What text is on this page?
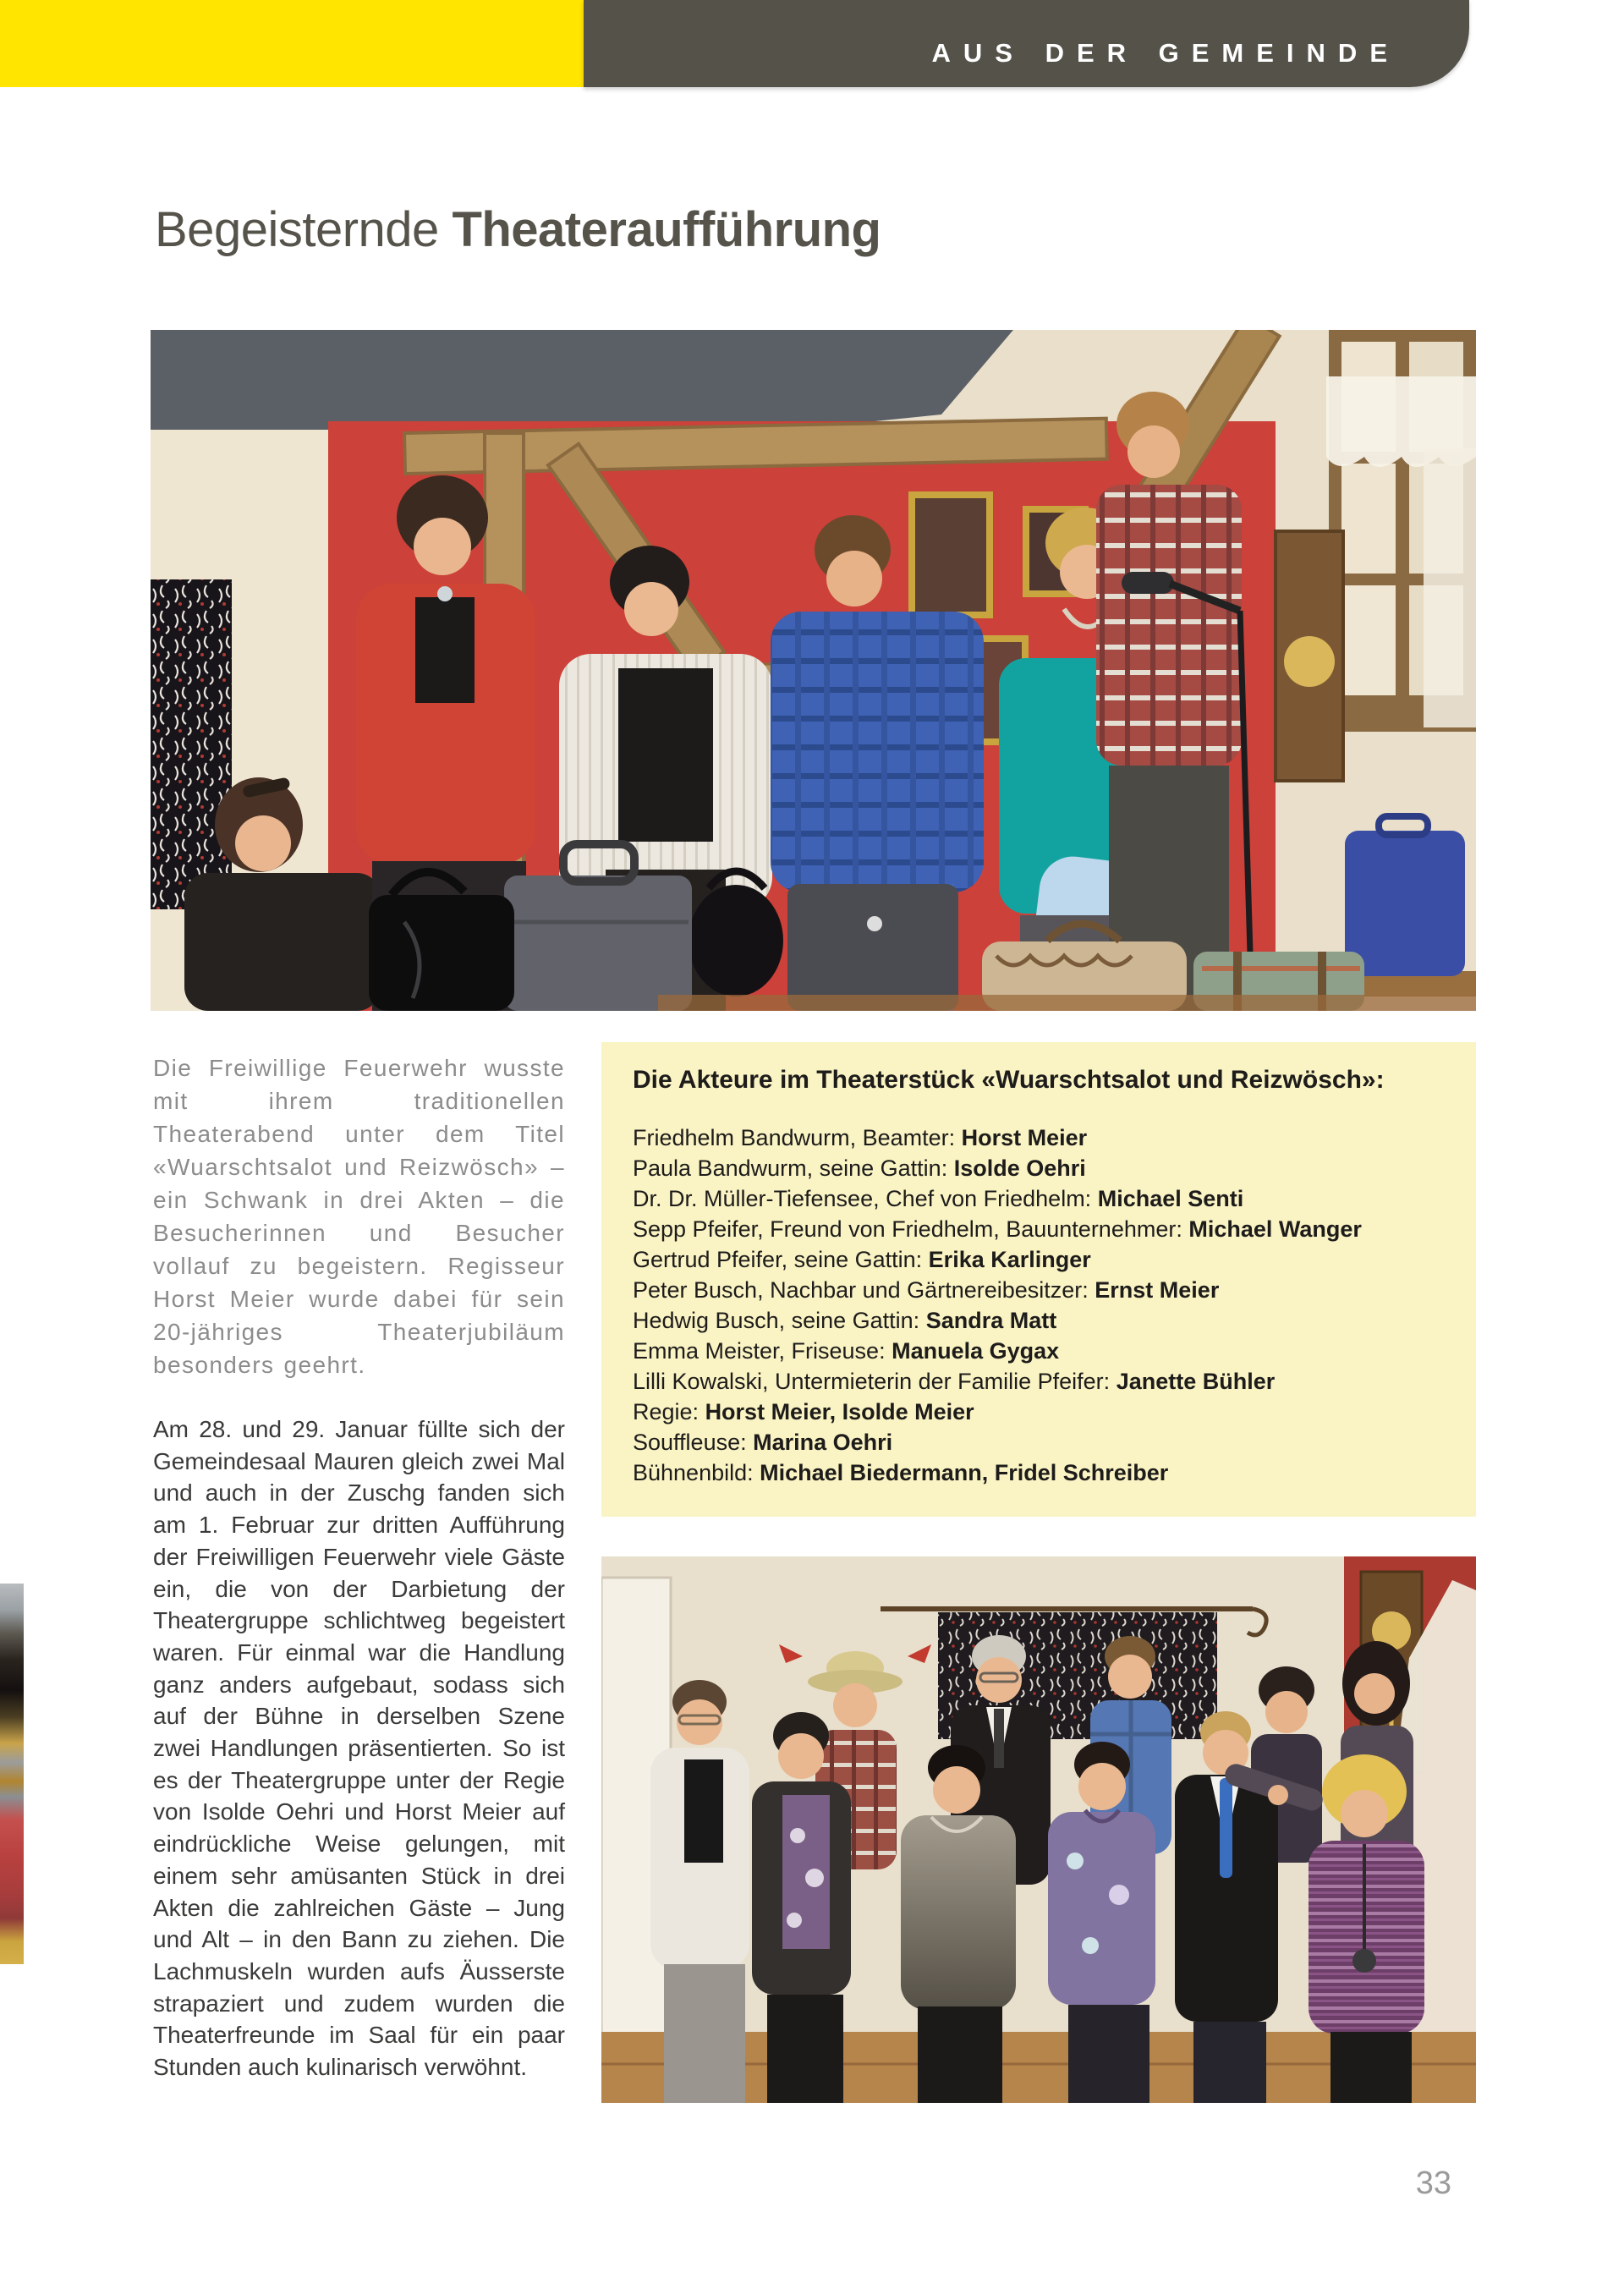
AUS DER GEMEINDE
Begeisternde Theateraufführung

Die Freiwillige Feuerwehr wusste mit ihrem traditionellen Theaterabend unter dem Titel «Wuarschtsalot und Reizwösch» – ein Schwank in drei Akten – die Besucherinnen und Besucher vollauf zu begeistern. Regisseur Horst Meier wurde dabei für sein 20-jähriges Theaterjubiläum besonders geehrt.

Am 28. und 29. Januar füllte sich der Gemeindesaal Mauren gleich zwei Mal und auch in der Zuschg fanden sich am 1. Februar zur dritten Aufführung der Freiwilligen Feuerwehr viele Gäste ein, die von der Darbietung der Theatergruppe schlichtweg begeistert waren. Für einmal war die Handlung ganz anders aufgebaut, sodass sich auf der Bühne in derselben Szene zwei Handlungen präsentierten. So ist es der Theatergruppe unter der Regie von Isolde Oehri und Horst Meier auf eindrückliche Weise gelungen, mit einem sehr amüsanten Stück in drei Akten die zahlreichen Gäste – Jung und Alt – in den Bann zu ziehen. Die Lachmuskeln wurden aufs Äusserste strapaziert und zudem wurden die Theaterfreunde im Saal für ein paar Stunden auch kulinarisch verwöhnt.

Die Akteure im Theaterstück «Wuarschtsalot und Reizwösch»:
Friedhelm Bandwurm, Beamter: Horst Meier
Paula Bandwurm, seine Gattin: Isolde Oehri
Dr. Dr. Müller-Tiefensee, Chef von Friedhelm: Michael Senti
Sepp Pfeifer, Freund von Friedhelm, Bauunternehmer: Michael Wanger
Gertrud Pfeifer, seine Gattin: Erika Karlinger
Peter Busch, Nachbar und Gärtnereibesitzer: Ernst Meier
Hedwig Busch, seine Gattin: Sandra Matt
Emma Meister, Friseuse: Manuela Gygax
Lilli Kowalski, Untermieterin der Familie Pfeifer: Janette Bühler
Regie: Horst Meier, Isolde Meier
Souffleuse: Marina Oehri
Bühnenbild: Michael Biedermann, Fridel Schreiber
33
